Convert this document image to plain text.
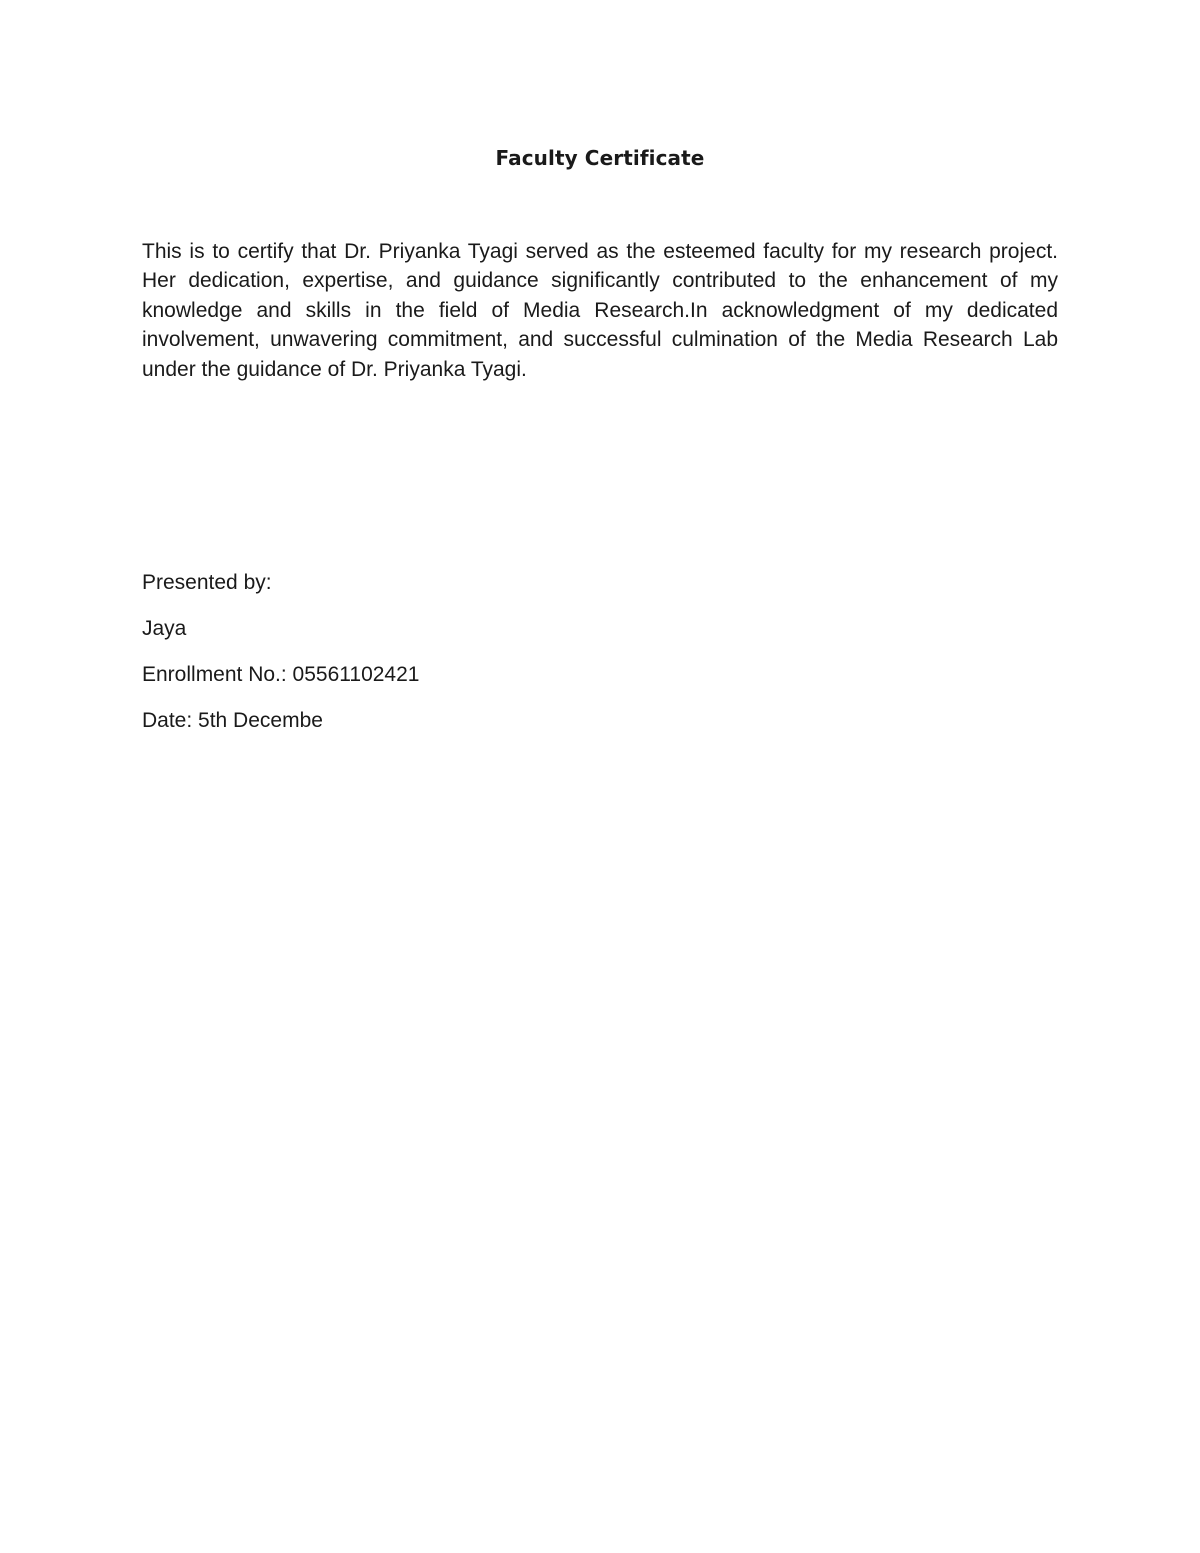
Faculty Certificate

This is to certify that Dr. Priyanka Tyagi served as the esteemed faculty for my research project. Her dedication, expertise, and guidance significantly contributed to the enhancement of my knowledge and skills in the field of Media Research.In acknowledgment of my dedicated involvement, unwavering commitment, and successful culmination of the Media Research Lab under the guidance of Dr. Priyanka Tyagi.

Presented by:
Jaya
Enrollment No.: 05561102421
Date: 5th Decembe
